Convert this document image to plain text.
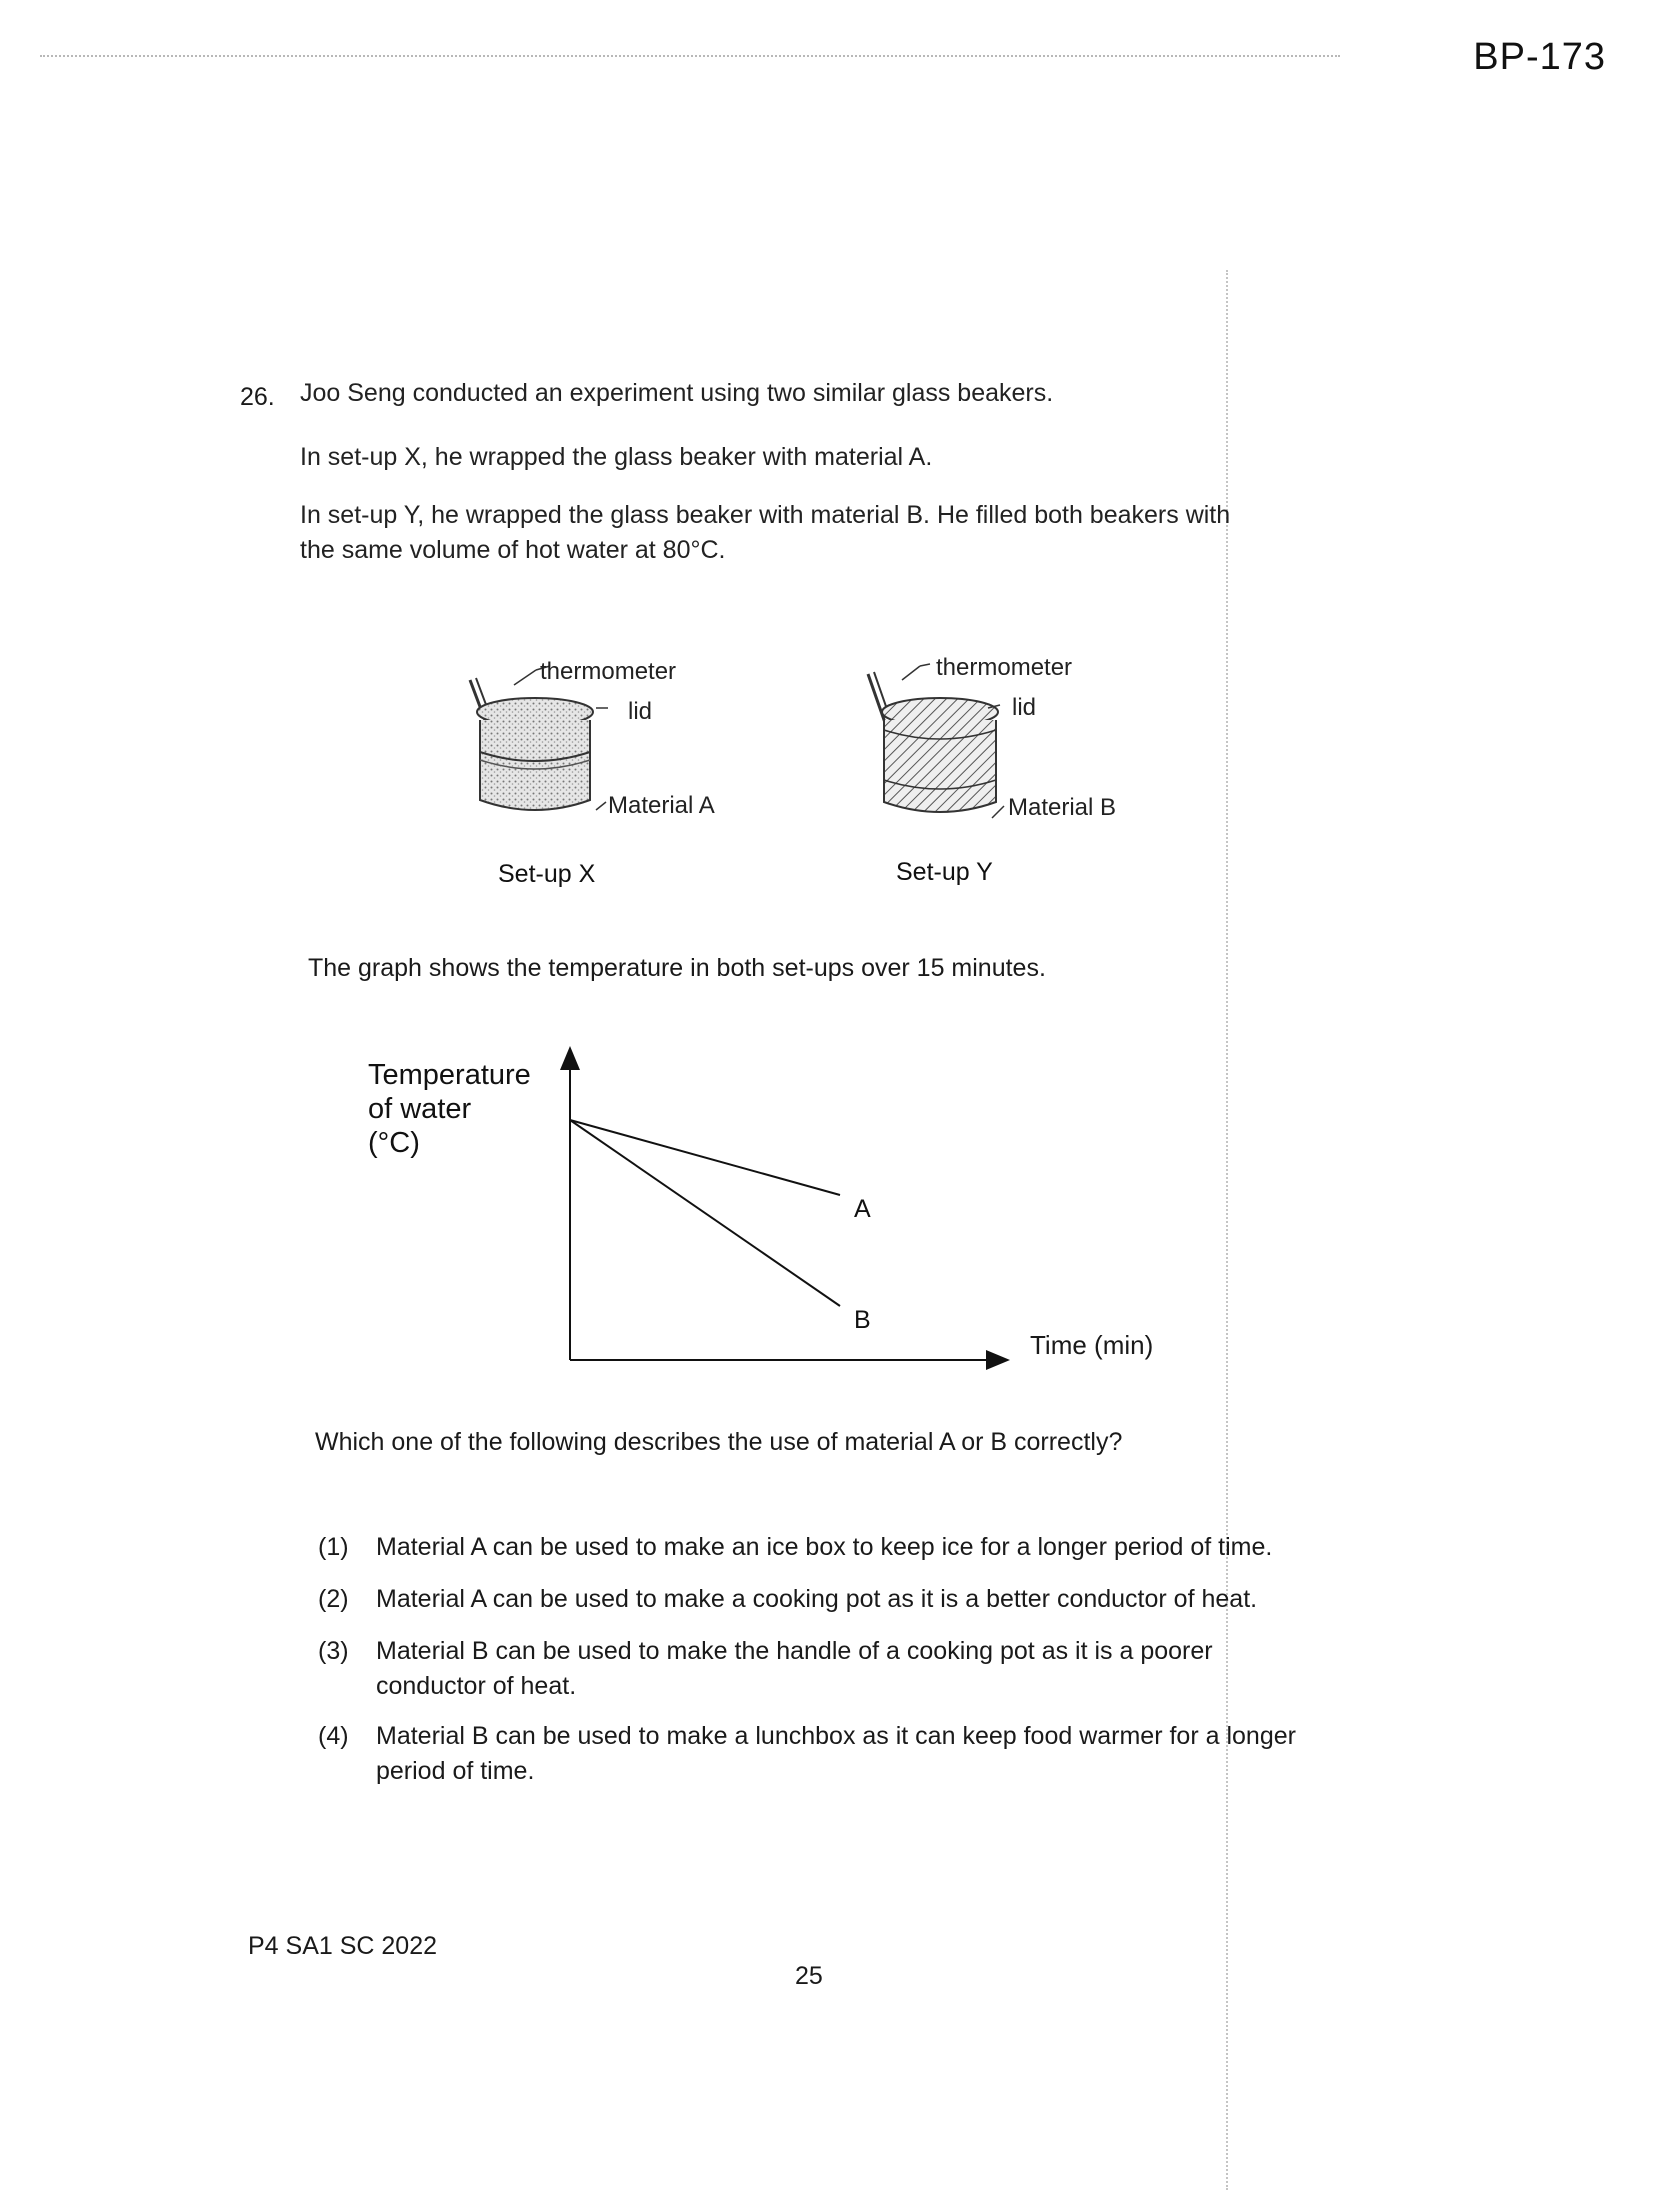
BP-173
26. Joo Seng conducted an experiment using two similar glass beakers.
In set-up X, he wrapped the glass beaker with material A.
In set-up Y, he wrapped the glass beaker with material B. He filled both beakers with the same volume of hot water at 80°C.
thermometer
lid
Material A
Set-up X
thermometer
lid
Material B
Set-up Y
The graph shows the temperature in both set-ups over 15 minutes.
Temperature
of water
(°C)
A
B
Time (min)
Which one of the following describes the use of material A or B correctly?
(1)	Material A can be used to make an ice box to keep ice for a longer period of time.
(2)	Material A can be used to make a cooking pot as it is a better conductor of heat.
(3)	Material B can be used to make the handle of a cooking pot as it is a poorer conductor of heat.
(4)	Material B can be used to make a lunchbox as it can keep food warmer for a longer period of time.
P4 SA1 SC 2022
25
